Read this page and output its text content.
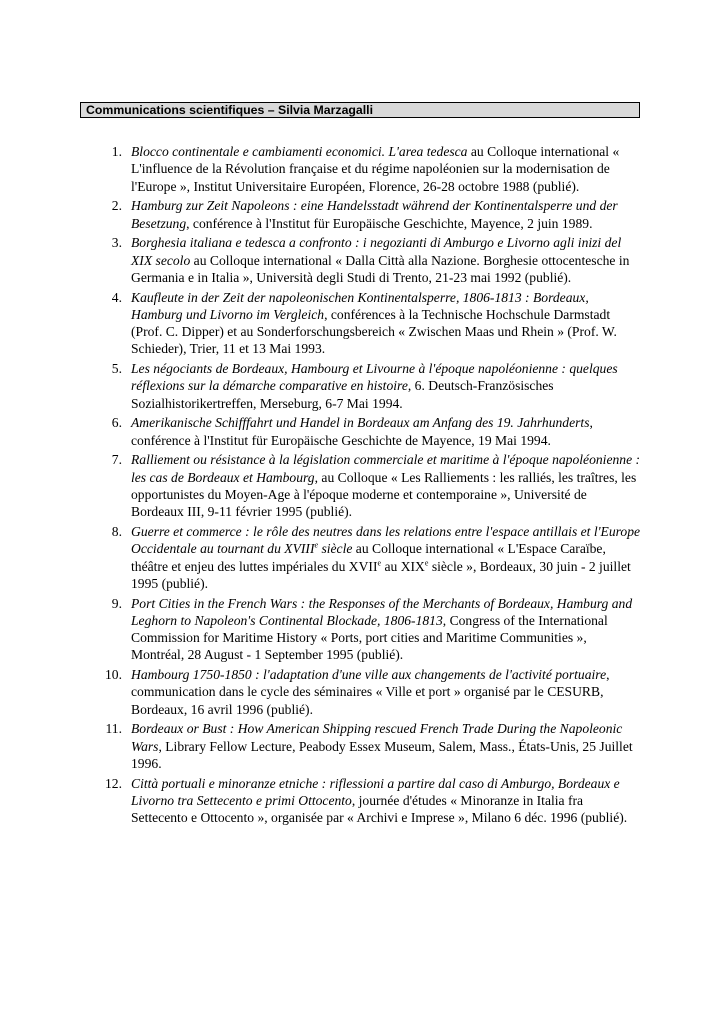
Communications scientifiques – Silvia Marzagalli
1. Blocco continentale e cambiamenti economici. L'area tedesca au Colloque international « L'influence de la Révolution française et du régime napoléonien sur la modernisation de l'Europe », Institut Universitaire Européen, Florence, 26-28 octobre 1988 (publié).
2. Hamburg zur Zeit Napoleons : eine Handelsstadt während der Kontinentalsperre und der Besetzung, conférence à l'Institut für Europäische Geschichte, Mayence, 2 juin 1989.
3. Borghesia italiana e tedesca a confronto : i negozianti di Amburgo e Livorno agli inizi del XIX secolo au Colloque international « Dalla Città alla Nazione. Borghesie ottocentesche in Germania e in Italia », Università degli Studi di Trento, 21-23 mai 1992 (publié).
4. Kaufleute in der Zeit der napoleonischen Kontinentalsperre, 1806-1813 : Bordeaux, Hamburg und Livorno im Vergleich, conférences à la Technische Hochschule Darmstadt (Prof. C. Dipper) et au Sonderforschungsbereich « Zwischen Maas und Rhein » (Prof. W. Schieder), Trier, 11 et 13 Mai 1993.
5. Les négociants de Bordeaux, Hambourg et Livourne à l'époque napoléonienne : quelques réflexions sur la démarche comparative en histoire, 6. Deutsch-Französisches Sozialhistorikertreffen, Merseburg, 6-7 Mai 1994.
6. Amerikanische Schifffahrt und Handel in Bordeaux am Anfang des 19. Jahrhunderts, conférence à l'Institut für Europäische Geschichte de Mayence, 19 Mai 1994.
7. Ralliement ou résistance à la législation commerciale et maritime à l'époque napoléonienne : les cas de Bordeaux et Hambourg, au Colloque « Les Ralliements : les ralliés, les traîtres, les opportunistes du Moyen-Age à l'époque moderne et contemporaine », Université de Bordeaux III, 9-11 février 1995 (publié).
8. Guerre et commerce : le rôle des neutres dans les relations entre l'espace antillais et l'Europe Occidentale au tournant du XVIIIe siècle au Colloque international « L'Espace Caraïbe, théâtre et enjeu des luttes impériales du XVIIe au XIXe siècle », Bordeaux, 30 juin - 2 juillet 1995 (publié).
9. Port Cities in the French Wars : the Responses of the Merchants of Bordeaux, Hamburg and Leghorn to Napoleon's Continental Blockade, 1806-1813, Congress of the International Commission for Maritime History « Ports, port cities and Maritime Communities », Montréal, 28 August - 1 September 1995 (publié).
10. Hambourg 1750-1850 : l'adaptation d'une ville aux changements de l'activité portuaire, communication dans le cycle des séminaires « Ville et port » organisé par le CESURB, Bordeaux, 16 avril 1996 (publié).
11. Bordeaux or Bust : How American Shipping rescued French Trade During the Napoleonic Wars, Library Fellow Lecture, Peabody Essex Museum, Salem, Mass., États-Unis, 25 Juillet 1996.
12. Città portuali e minoranze etniche : riflessioni a partire dal caso di Amburgo, Bordeaux e Livorno tra Settecento e primi Ottocento, journée d'études « Minoranze in Italia fra Settecento e Ottocento », organisée par « Archivi e Imprese », Milano 6 déc. 1996 (publié).
